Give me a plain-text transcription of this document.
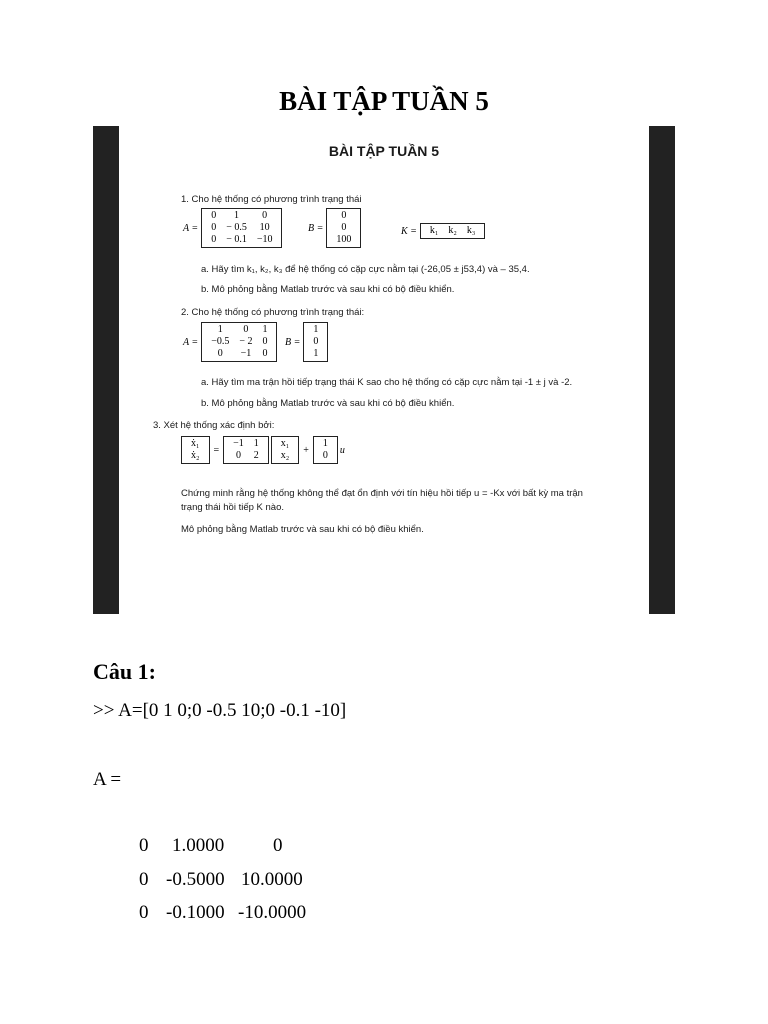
BÀI TẬP TUẦN 5
BÀI TẬP TUẦN 5
1. Cho hệ thống có phương trình trạng thái
A =
0	1	0
0	− 0.5	10
0	− 0.1	−10
B =
0
0
100
K = k₁	k₂	k₃
a. Hãy tìm k₁, k₂, k₃ để hệ thống có cặp cực nằm tại (-26,05 ± j53,4) và – 35,4.
b. Mô phỏng bằng Matlab trước và sau khi có bộ điều khiển.
2. Cho hệ thống có phương trình trạng thái:
A =
1	0	1
−0.5	− 2	0
0	−1	0
B =
1
0
1
a. Hãy tìm ma trận hồi tiếp trạng thái K sao cho hệ thống có cặp cực nằm tại -1 ± j và -2.
b. Mô phỏng bằng Matlab trước và sau khi có bộ điều khiển.
3. Xét hệ thống xác định bởi:
ẋ₁
ẋ₂ =
−1	1
0	2
x₁
x₂ +
1
0 u
Chứng minh rằng hệ thống không thể đạt ổn định với tín hiệu hồi tiếp u = -Kx với bất kỳ ma trận
trạng thái hồi tiếp K nào.
Mô phỏng bằng Matlab trước và sau khi có bộ điều khiển.
Câu 1:
>> A=[0 1 0;0 -0.5 10;0 -0.1 -10]
A =
0 1.0000	0
0 -0.5000 10.0000
0 -0.1000 -10.0000
